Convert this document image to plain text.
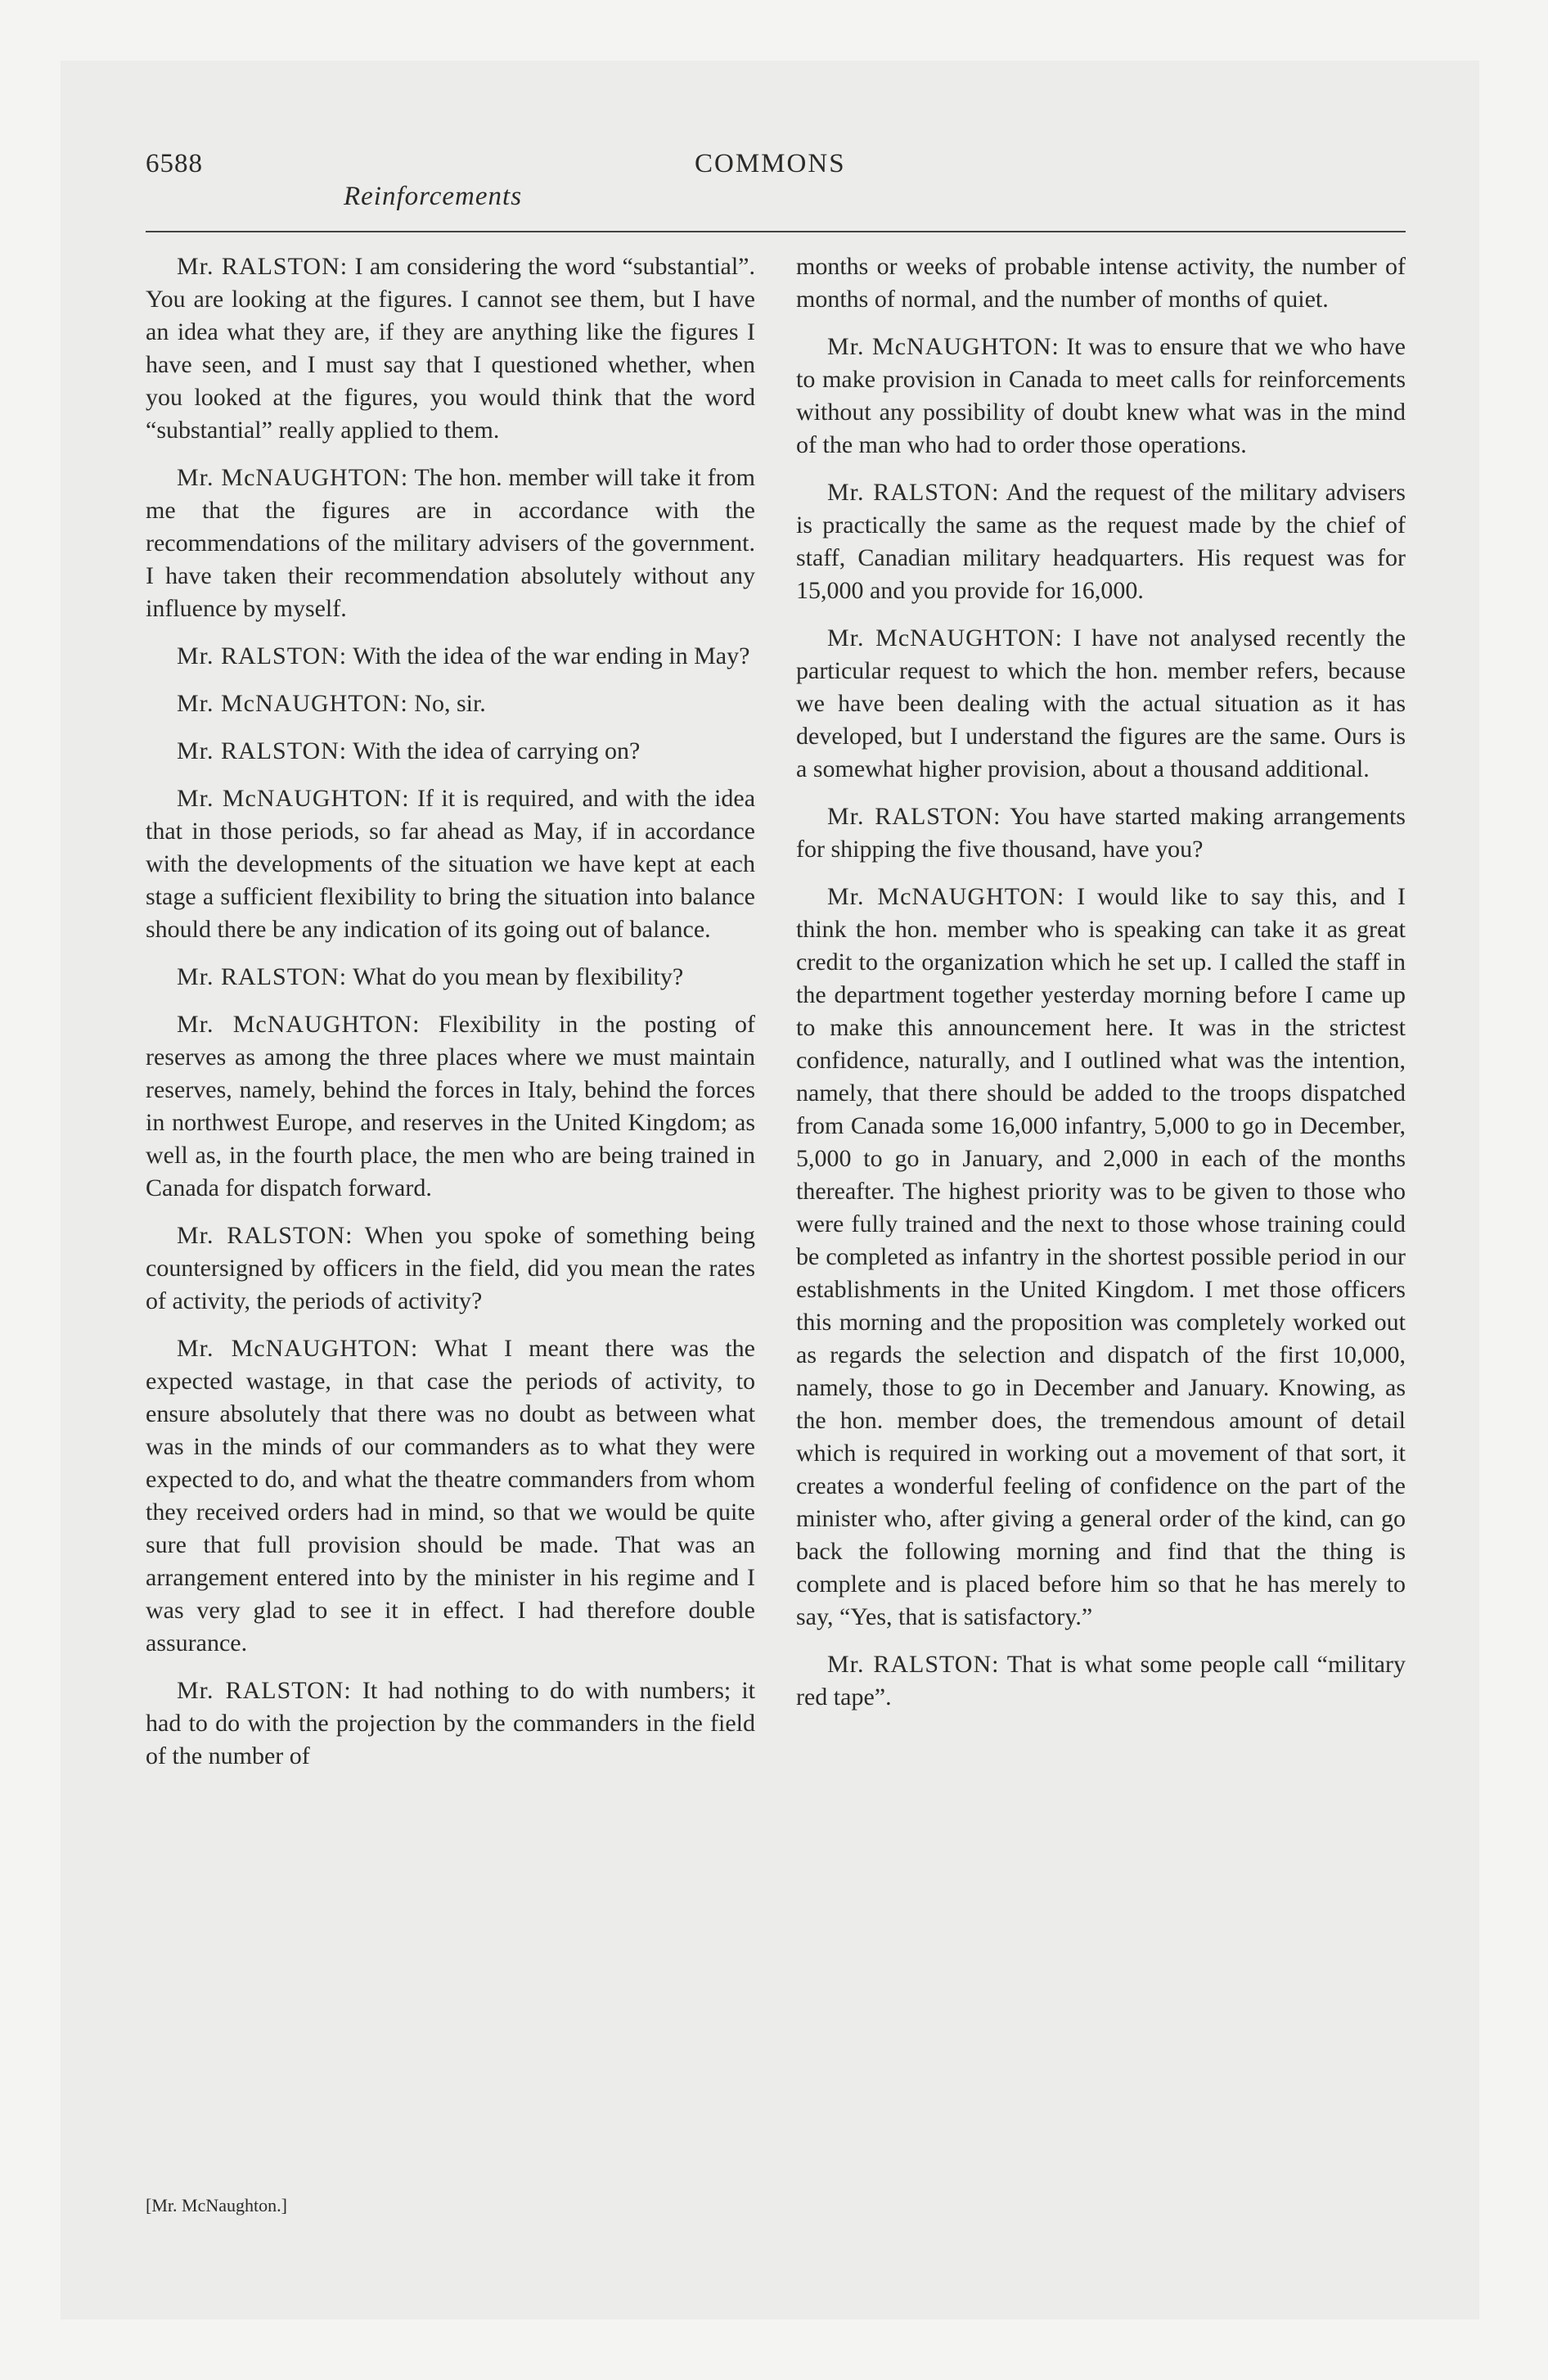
6588
Reinforcements
COMMONS

Mr. RALSTON: I am considering the word “substantial”. You are looking at the figures. I cannot see them, but I have an idea what they are, if they are anything like the figures I have seen, and I must say that I questioned whether, when you looked at the figures, you would think that the word “substantial” really applied to them.

Mr. McNAUGHTON: The hon. member will take it from me that the figures are in accordance with the recommendations of the military advisers of the government. I have taken their recommendation absolutely without any influence by myself.

Mr. RALSTON: With the idea of the war ending in May?

Mr. McNAUGHTON: No, sir.

Mr. RALSTON: With the idea of carrying on?

Mr. McNAUGHTON: If it is required, and with the idea that in those periods, so far ahead as May, if in accordance with the developments of the situation we have kept at each stage a sufficient flexibility to bring the situation into balance should there be any indication of its going out of balance.

Mr. RALSTON: What do you mean by flexibility?

Mr. McNAUGHTON: Flexibility in the posting of reserves as among the three places where we must maintain reserves, namely, behind the forces in Italy, behind the forces in northwest Europe, and reserves in the United Kingdom; as well as, in the fourth place, the men who are being trained in Canada for dispatch forward.

Mr. RALSTON: When you spoke of something being countersigned by officers in the field, did you mean the rates of activity, the periods of activity?

Mr. McNAUGHTON: What I meant there was the expected wastage, in that case the periods of activity, to ensure absolutely that there was no doubt as between what was in the minds of our commanders as to what they were expected to do, and what the theatre commanders from whom they received orders had in mind, so that we would be quite sure that full provision should be made. That was an arrangement entered into by the minister in his regime and I was very glad to see it in effect. I had therefore double assurance.

Mr. RALSTON: It had nothing to do with numbers; it had to do with the projection by the commanders in the field of the number of

months or weeks of probable intense activity, the number of months of normal, and the number of months of quiet.

Mr. McNAUGHTON: It was to ensure that we who have to make provision in Canada to meet calls for reinforcements without any possibility of doubt knew what was in the mind of the man who had to order those operations.

Mr. RALSTON: And the request of the military advisers is practically the same as the request made by the chief of staff, Canadian military headquarters. His request was for 15,000 and you provide for 16,000.

Mr. McNAUGHTON: I have not analysed recently the particular request to which the hon. member refers, because we have been dealing with the actual situation as it has developed, but I understand the figures are the same. Ours is a somewhat higher provision, about a thousand additional.

Mr. RALSTON: You have started making arrangements for shipping the five thousand, have you?

Mr. McNAUGHTON: I would like to say this, and I think the hon. member who is speaking can take it as great credit to the organization which he set up. I called the staff in the department together yesterday morning before I came up to make this announcement here. It was in the strictest confidence, naturally, and I outlined what was the intention, namely, that there should be added to the troops dispatched from Canada some 16,000 infantry, 5,000 to go in December, 5,000 to go in January, and 2,000 in each of the months thereafter. The highest priority was to be given to those who were fully trained and the next to those whose training could be completed as infantry in the shortest possible period in our establishments in the United Kingdom. I met those officers this morning and the proposition was completely worked out as regards the selection and dispatch of the first 10,000, namely, those to go in December and January. Knowing, as the hon. member does, the tremendous amount of detail which is required in working out a movement of that sort, it creates a wonderful feeling of confidence on the part of the minister who, after giving a general order of the kind, can go back the following morning and find that the thing is complete and is placed before him so that he has merely to say, “Yes, that is satisfactory.”

Mr. RALSTON: That is what some people call “military red tape”.

[Mr. McNaughton.]
